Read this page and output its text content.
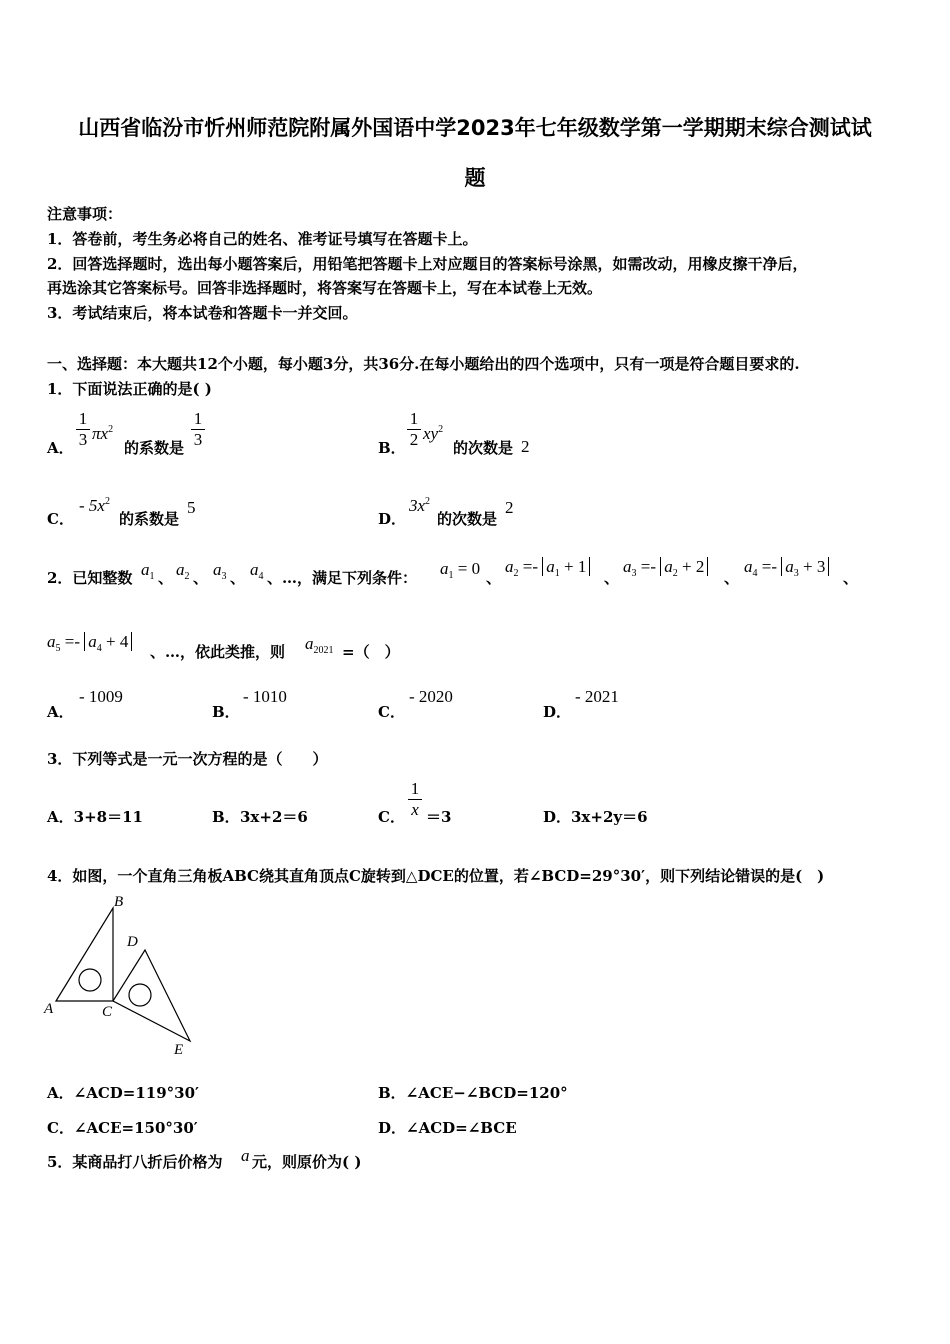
山西省临汾市忻州师范院附属外国语中学2023年七年级数学第一学期期末综合测试试
题
注意事项：
1．答卷前，考生务必将自己的姓名、准考证号填写在答题卡上。
2．回答选择题时，选出每小题答案后，用铅笔把答题卡上对应题目的答案标号涂黑，如需改动，用橡皮擦干净后，
再选涂其它答案标号。回答非选择题时，将答案写在答题卡上，写在本试卷上无效。
3．考试结束后，将本试卷和答题卡一并交回。
一、选择题：本大题共12个小题，每小题3分，共36分.在每小题给出的四个选项中，只有一项是符合题目要求的.
1．下面说法正确的是( )
A．
1
3 $\pi x^2$
的系数是
1
3	B．
1
2 $xy^2$
的次数是 2
C．
- $5x^2$
的系数是
5
D．
$3x^2$
的次数是
2
2．已知整数 $a_1$ 、 $a_2$ 、 $a_3$ 、 $a_4$ 、…，满足下列条件： $a_1 = 0$ 、
$a_2 =- a_1 + 1$
、
$a_3 =- a_2 + 2$
、
$a_4 =- a_3 + 3$
、
$a_5 =- a_4 + 4$
、…，依此类推，则 $a_{2021}$ =（　）
A．
- 1009
B．
- 1010
C．
- 2020
D．
- 2021
3．下列等式是一元一次方程的是（　　）
A．3+8＝11	B． 3x+2＝6	C．
1
x ＝3	D． 3x+2y＝6
4．如图，一个直角三角板ABC绕其直角顶点C旋转到△DCE的位置，若∠BCD=29°30′，则下列结论错误的是(　)
A
B
C
D
E
A．∠ACD=119°30′	B．∠ACE−∠BCD=120°
C．∠ACE=150°30′	D．∠ACD=∠BCE
5．某商品打八折后价格为 a 元，则原价为( )
